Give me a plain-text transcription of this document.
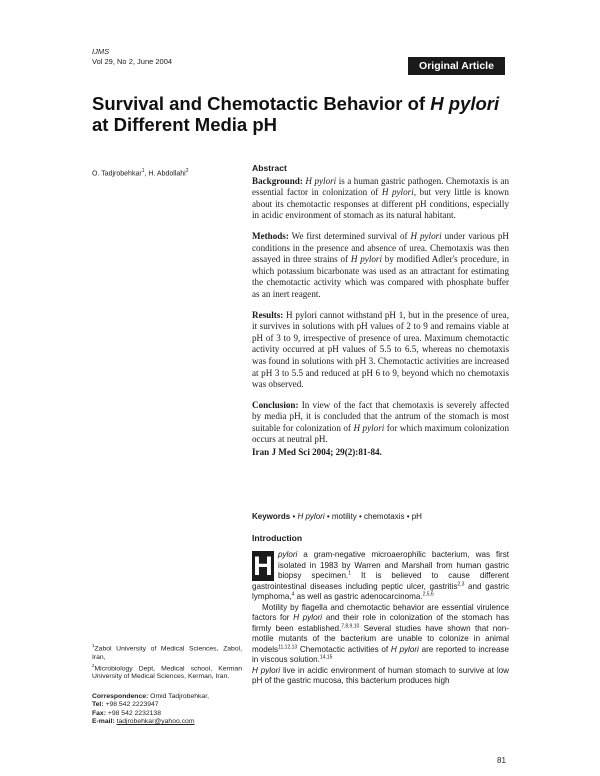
IJMS
Vol 29, No 2, June 2004	Original Article
Survival and Chemotactic Behavior of H pylori
at Different Media pH
O. Tadjrobehkar$^1$, H. Abdollahi$^2$	Abstract

Background: H pylori is a human gastric pathogen. Chemotaxis is an essential factor in colonization of H pylori, but very little is known about its chemotactic responses at different pH conditions, especially in acidic environment of stomach as its natural habitant.

Methods: We first determined survival of H pylori under various pH conditions in the presence and absence of urea. Chemotaxis was then assayed in three strains of H pylori by modified Adler's procedure, in which potassium bicarbonate was used as an attractant for estimating the chemotactic activity which was compared with phosphate buffer as an inert reagent.

Results: H pylori cannot withstand pH 1, but in the presence of urea, it survives in solutions with pH values of 2 to 9 and remains viable at pH of 3 to 9, irrespective of presence of urea. Maximum chemotactic activity occurred at pH values of 5.5 to 6.5, whereas no chemotaxis was found in solutions with pH 3. Chemotactic activities are increased at pH 3 to 5.5 and reduced at pH 6 to 9, beyond which no chemotaxis was observed.

Conclusion: In view of the fact that chemotaxis is severely affected by media pH, it is concluded that the antrum of the stomach is most suitable for colonization of H pylori for which maximum colonization occurs at neutral pH.

Iran J Med Sci 2004; 29(2):81-84.

Keywords • H pylori • motility • chemotaxis • pH
Introduction

H pylori a gram-negative microaerophilic bacterium, was first isolated in 1983 by Warren and Marshall from human gastric biopsy specimen.$^1$ It is believed to cause different gastrointestinal diseases including peptic ulcer, gastritis$^{2,3}$ and gastric lymphoma,$^4$ as well as gastric adenocarcinoma.$^{2,5,6}$

Motility by flagella and chemotactic behavior are essential virulence factors for H pylori and their role in colonization of the stomach has firmly been established.$^{7,8,9,10}$ Several studies have shown that non-motile mutants of the bacterium are unable to colonize in animal models$^{11,12,13}$ Chemotactic activities of H pylori are reported to increase in viscous solution.$^{14,15}$
H pylori live in acidic environment of human stomach to survive at low pH of the gastric mucosa, this bacterium produces high

$^1$Zabol University of Medical Sciences, Zabol, Iran,
$^2$Microbiology Dept, Medical school, Kerman University of Medical Sciences, Kerman, Iran.
Correspondence: Omid Tadjrobehkar,
Tel: +98 542 2223947
Fax: +98 542 2232138
E-mail: tadjrobehkar@yahoo.com
81
